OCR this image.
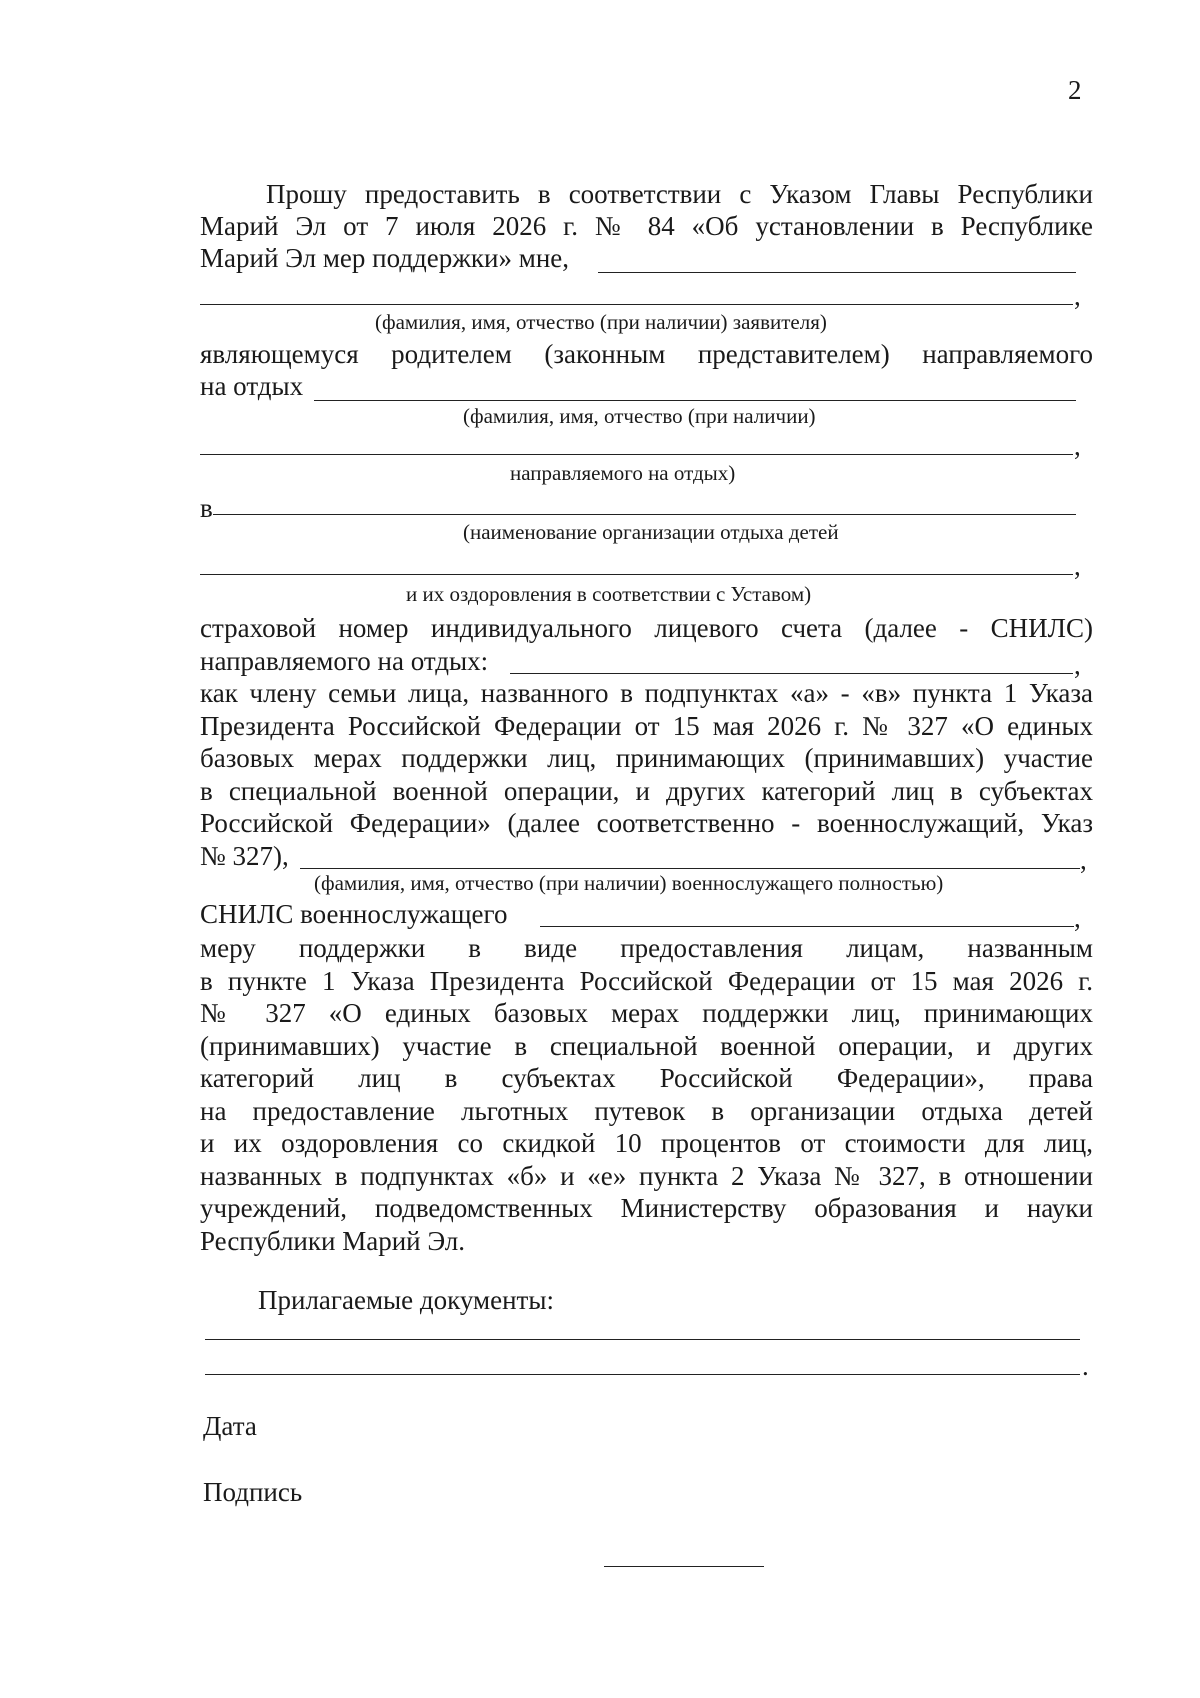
2
Прошу предоставить в соответствии с Указом Главы Республики
Марий Эл от 7 июля 2026 г. № 84 «Об установлении в Республике
Марий Эл мер поддержки» мне,
,
(фамилия, имя, отчество (при наличии) заявителя)
являющемуся родителем (законным представителем) направляемого
на отдых
(фамилия, имя, отчество (при наличии)
,
направляемого на отдых)
в
(наименование организации отдыха детей
,
и их оздоровления в соответствии с Уставом)
страховой номер индивидуального лицевого счета (далее - СНИЛС)
направляемого на отдых:	,
как члену семьи лица, названного в подпунктах «а» - «в» пункта 1 Указа
Президента Российской Федерации от 15 мая 2026 г. № 327 «О единых
базовых мерах поддержки лиц, принимающих (принимавших) участие
в специальной военной операции, и других категорий лиц в субъектах
Российской Федерации» (далее соответственно - военнослужащий, Указ
№ 327),	,
(фамилия, имя, отчество (при наличии) военнослужащего полностью)
СНИЛС военнослужащего	,
меру поддержки в виде предоставления лицам, названным
в пункте 1 Указа Президента Российской Федерации от 15 мая 2026 г.
№ 327 «О единых базовых мерах поддержки лиц, принимающих
(принимавших) участие в специальной военной операции, и других
категорий лиц в субъектах Российской Федерации», права
на предоставление льготных путевок в организации отдыха детей
и их оздоровления со скидкой 10 процентов от стоимости для лиц,
названных в подпунктах «б» и «е» пункта 2 Указа № 327, в отношении
учреждений, подведомственных Министерству образования и науки
Республики Марий Эл.
Прилагаемые документы:
.
Дата
Подпись
